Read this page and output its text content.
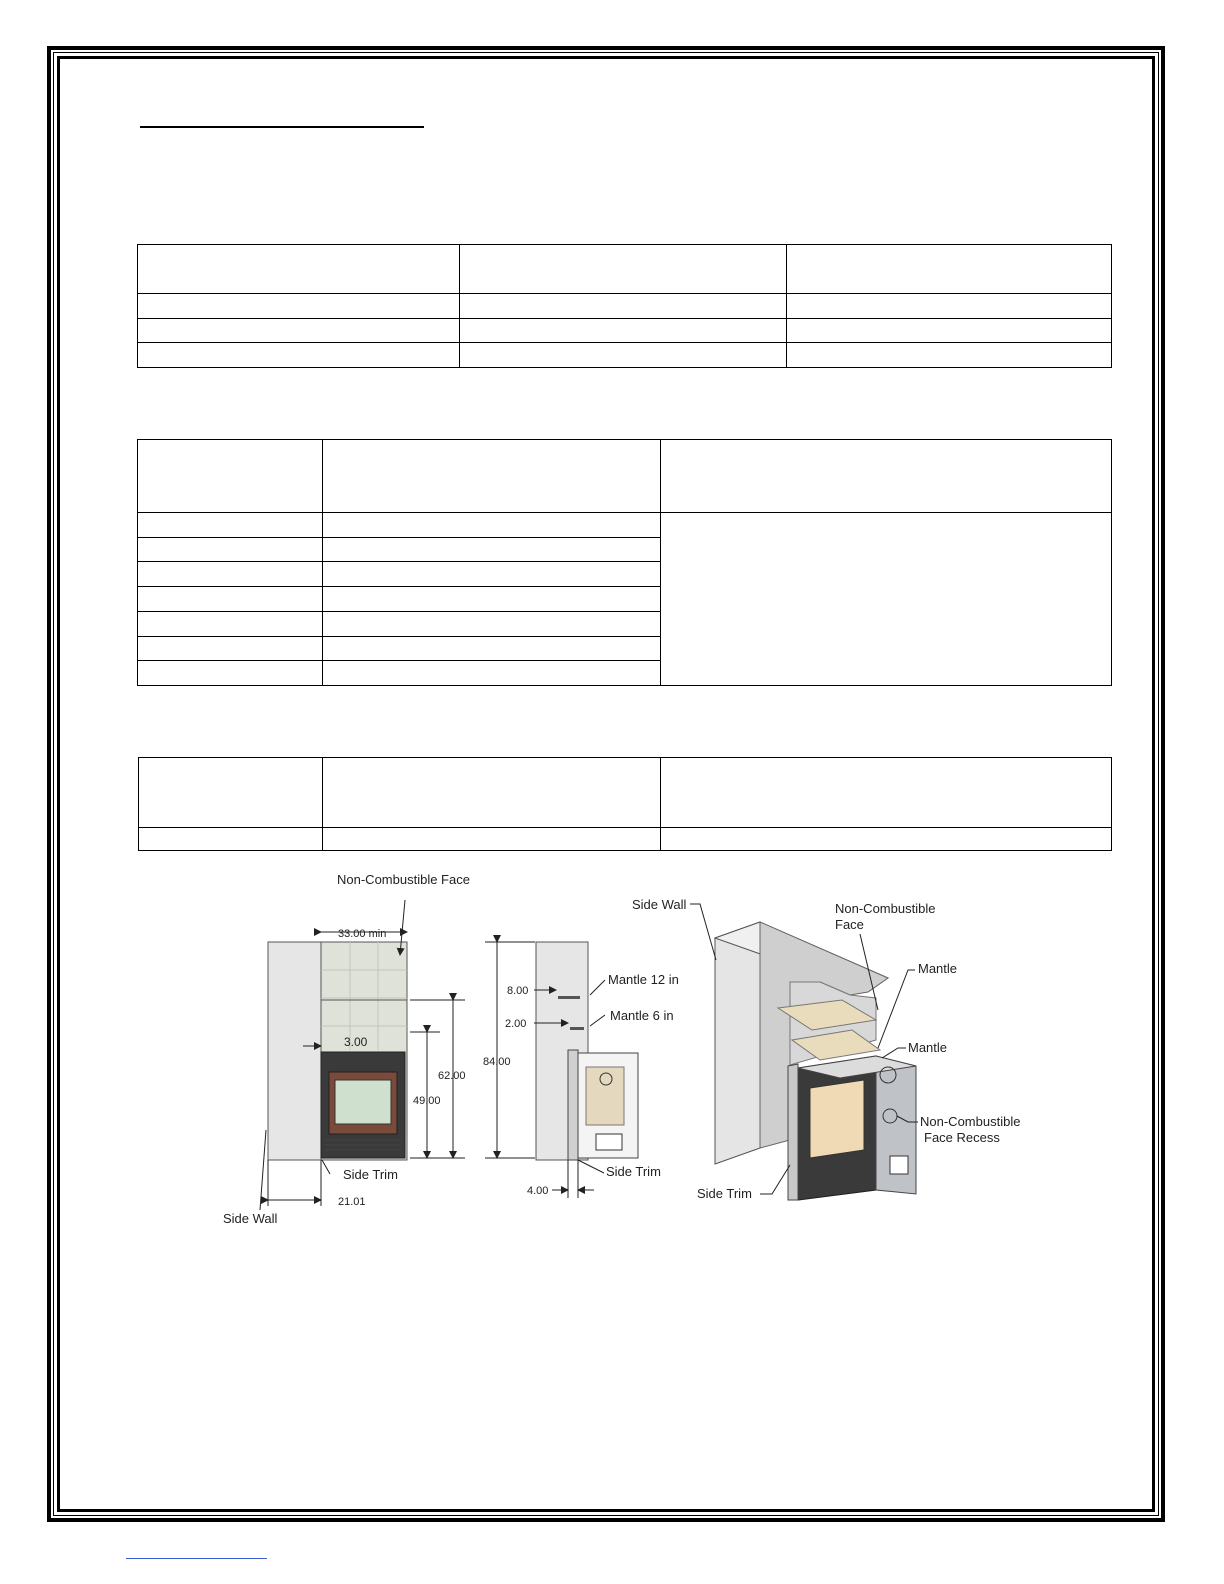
Non-Combustible Face
33.00 min
3.00
62.00
49.00
Side Trim
Side Wall
21.01
84.00
8.00
2.00
Mantle 12 in
Mantle 6 in
Side Trim
4.00
Side Wall	Non-Combustible
Face
Mantle
Mantle
Non-Combustible
Face Recess
Side Trim
